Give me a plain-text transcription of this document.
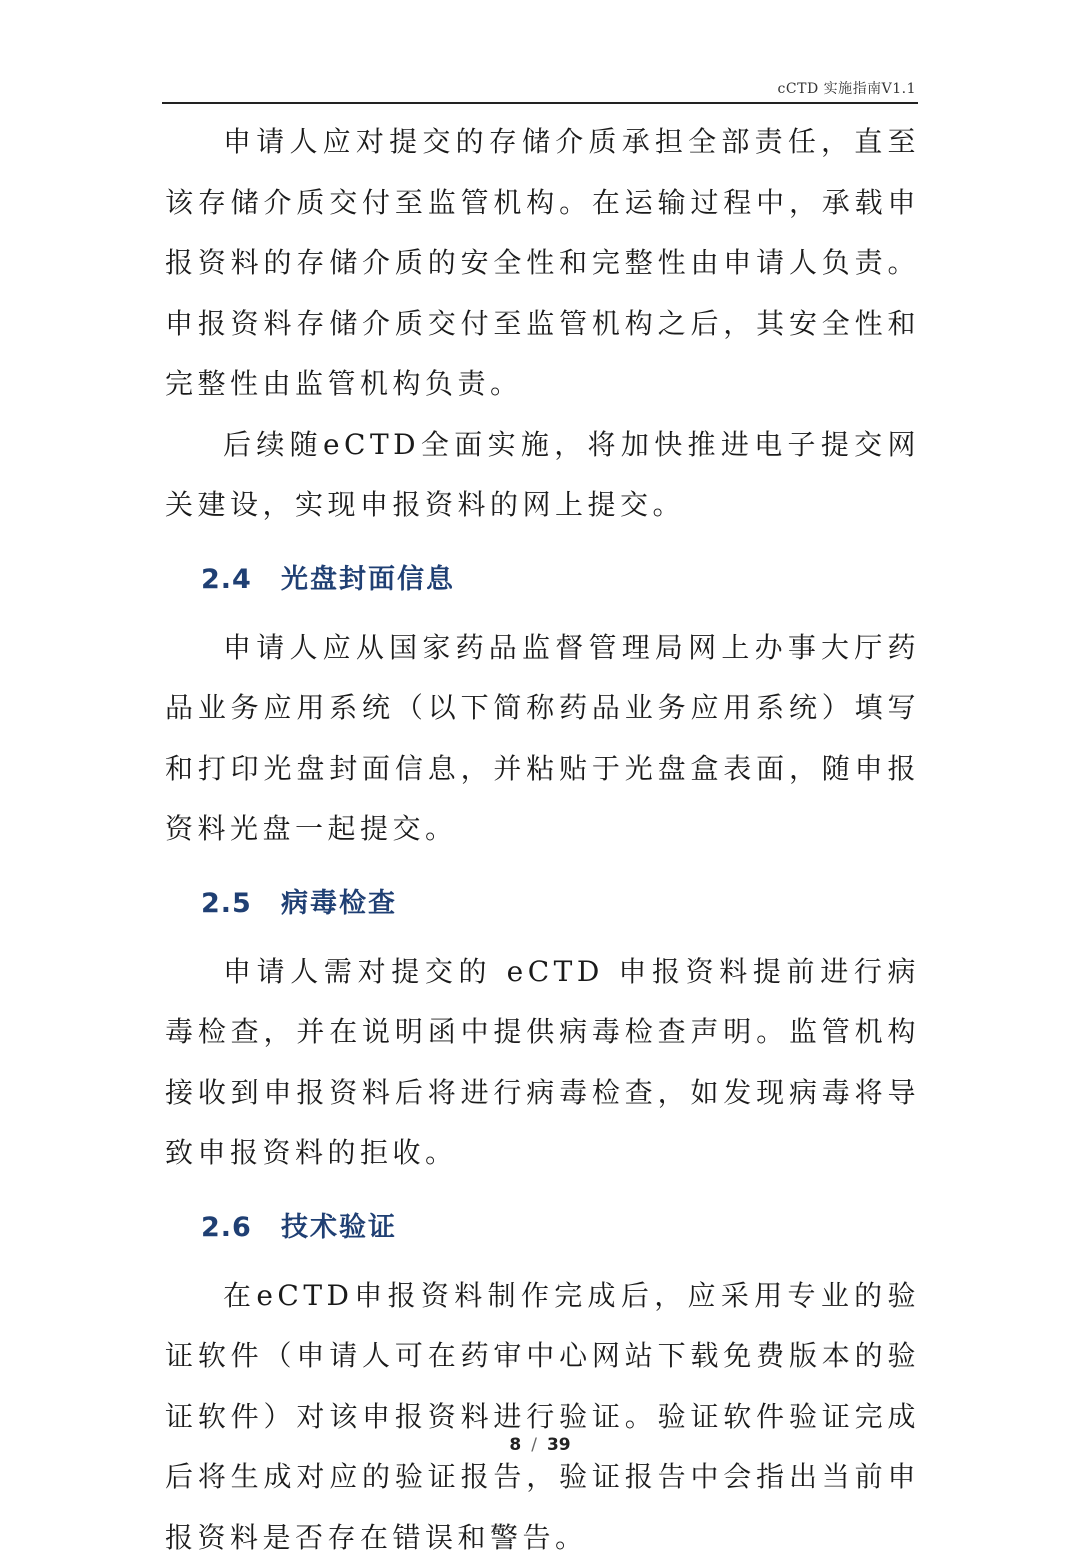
cCTD 实施指南V1.1

申请人应对提交的存储介质承担全部责任，直至该存储介质交付至监管机构。在运输过程中，承载申报资料的存储介质的安全性和完整性由申请人负责。申报资料存储介质交付至监管机构之后，其安全性和完整性由监管机构负责。

后续随eCTD全面实施，将加快推进电子提交网关建设，实现申报资料的网上提交。

2.4 光盘封面信息

申请人应从国家药品监督管理局网上办事大厅药品业务应用系统（以下简称药品业务应用系统）填写和打印光盘封面信息，并粘贴于光盘盒表面，随申报资料光盘一起提交。

2.5 病毒检查

申请人需对提交的 eCTD 申报资料提前进行病毒检查，并在说明函中提供病毒检查声明。监管机构接收到申报资料后将进行病毒检查，如发现病毒将导致申报资料的拒收。

2.6 技术验证

在eCTD申报资料制作完成后，应采用专业的验证软件（申请人可在药审中心网站下载免费版本的验证软件）对该申报资料进行验证。验证软件验证完成后将生成对应的验证报告，验证报告中会指出当前申报资料是否存在错误和警告。

8 / 39
